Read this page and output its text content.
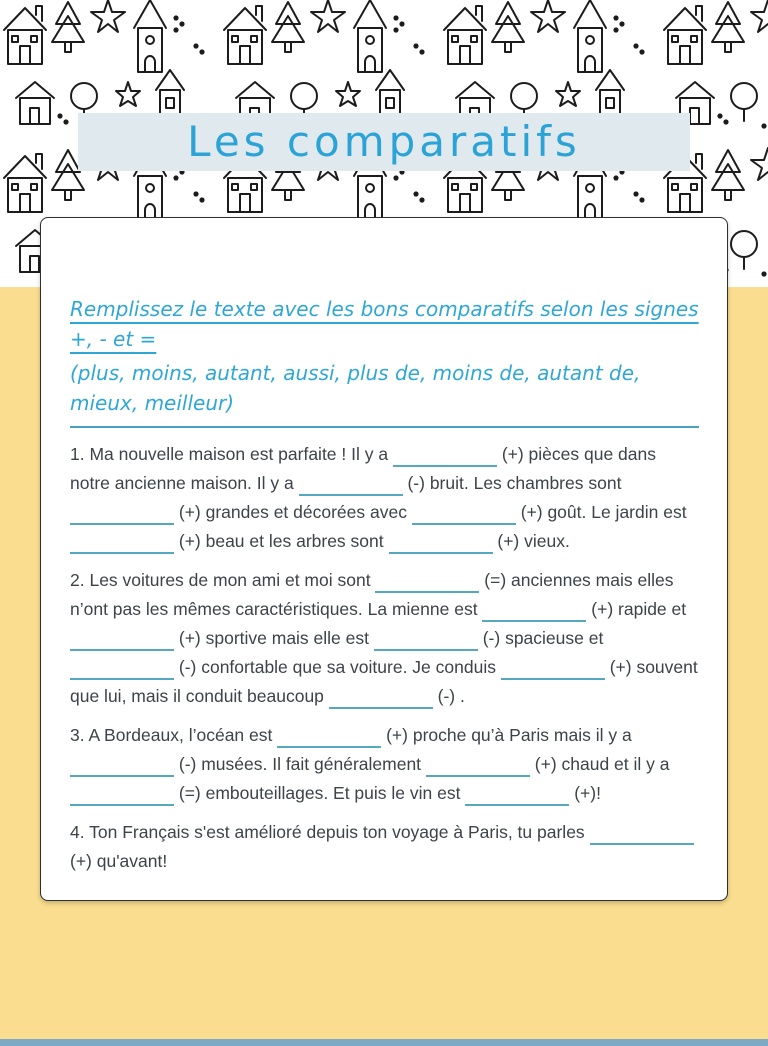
Les comparatifs

Remplissez le texte avec les bons comparatifs selon les signes +, - et =

(plus, moins, autant, aussi, plus de, moins de, autant de, mieux, meilleur)

1. Ma nouvelle maison est parfaite ! Il y a	(+) pièces que dans notre ancienne maison. Il y a	(-) bruit. Les chambres sont  (+) grandes et décorées avec	(+) goût. Le jardin est  (+) beau et les arbres sont	(+) vieux.

2. Les voitures de mon ami et moi sont	(=) anciennes mais elles n’ont pas les mêmes caractéristiques. La mienne est	(+) rapide et  (+) sportive mais elle est	(-) spacieuse et  (-) confortable que sa voiture. Je conduis	(+) souvent que lui, mais il conduit beaucoup	(-) .

3. A Bordeaux, l’océan est	(+) proche qu’à Paris mais il y a  (-) musées. Il fait généralement	(+) chaud et il y a  (=) embouteillages. Et puis le vin est	(+)!

4. Ton Français s'est amélioré depuis ton voyage à Paris, tu parles  (+) qu'avant!
